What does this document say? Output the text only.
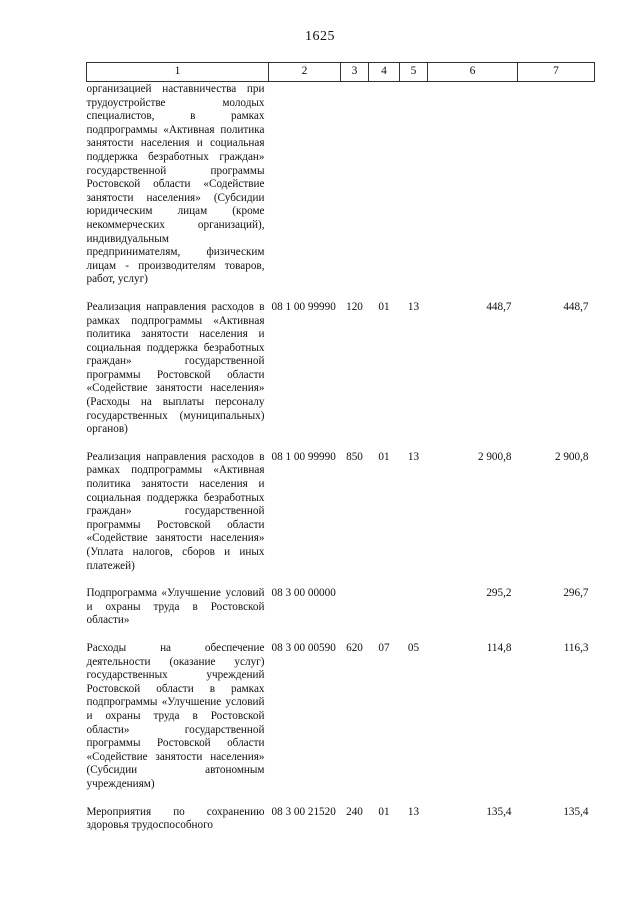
1625
1	2	3	4	5	6	7
организацией наставничества при трудоустройстве молодых специалистов, в рамках подпрограммы «Активная политика занятости населения и социальная поддержка безработных граждан» государственной программы Ростовской области «Содействие занятости населения» (Субсидии юридическим лицам (кроме некоммерческих организаций), индивидуальным предпринимателям, физическим лицам - производителям товаров, работ, услуг)						
Реализация направления расходов в рамках подпрограммы «Активная политика занятости населения и социальная поддержка безработных граждан» государственной программы Ростовской области «Содействие занятости населения» (Расходы на выплаты персоналу государственных (муниципальных) органов)	08 1 00 99990	120	01	13	448,7	448,7
Реализация направления расходов в рамках подпрограммы «Активная политика занятости населения и социальная поддержка безработных граждан» государственной программы Ростовской области «Содействие занятости населения» (Уплата налогов, сборов и иных платежей)	08 1 00 99990	850	01	13	2 900,8	2 900,8
Подпрограмма «Улучшение условий и охраны труда в Ростовской области»	08 3 00 00000				295,2	296,7
Расходы на обеспечение деятельности (оказание услуг) государственных учреждений Ростовской области в рамках подпрограммы «Улучшение условий и охраны труда в Ростовской области» государственной программы Ростовской области «Содействие занятости населения» (Субсидии автономным учреждениям)	08 3 00 00590	620	07	05	114,8	116,3
Мероприятия по сохранению здоровья трудоспособного	08 3 00 21520	240	01	13	135,4	135,4
